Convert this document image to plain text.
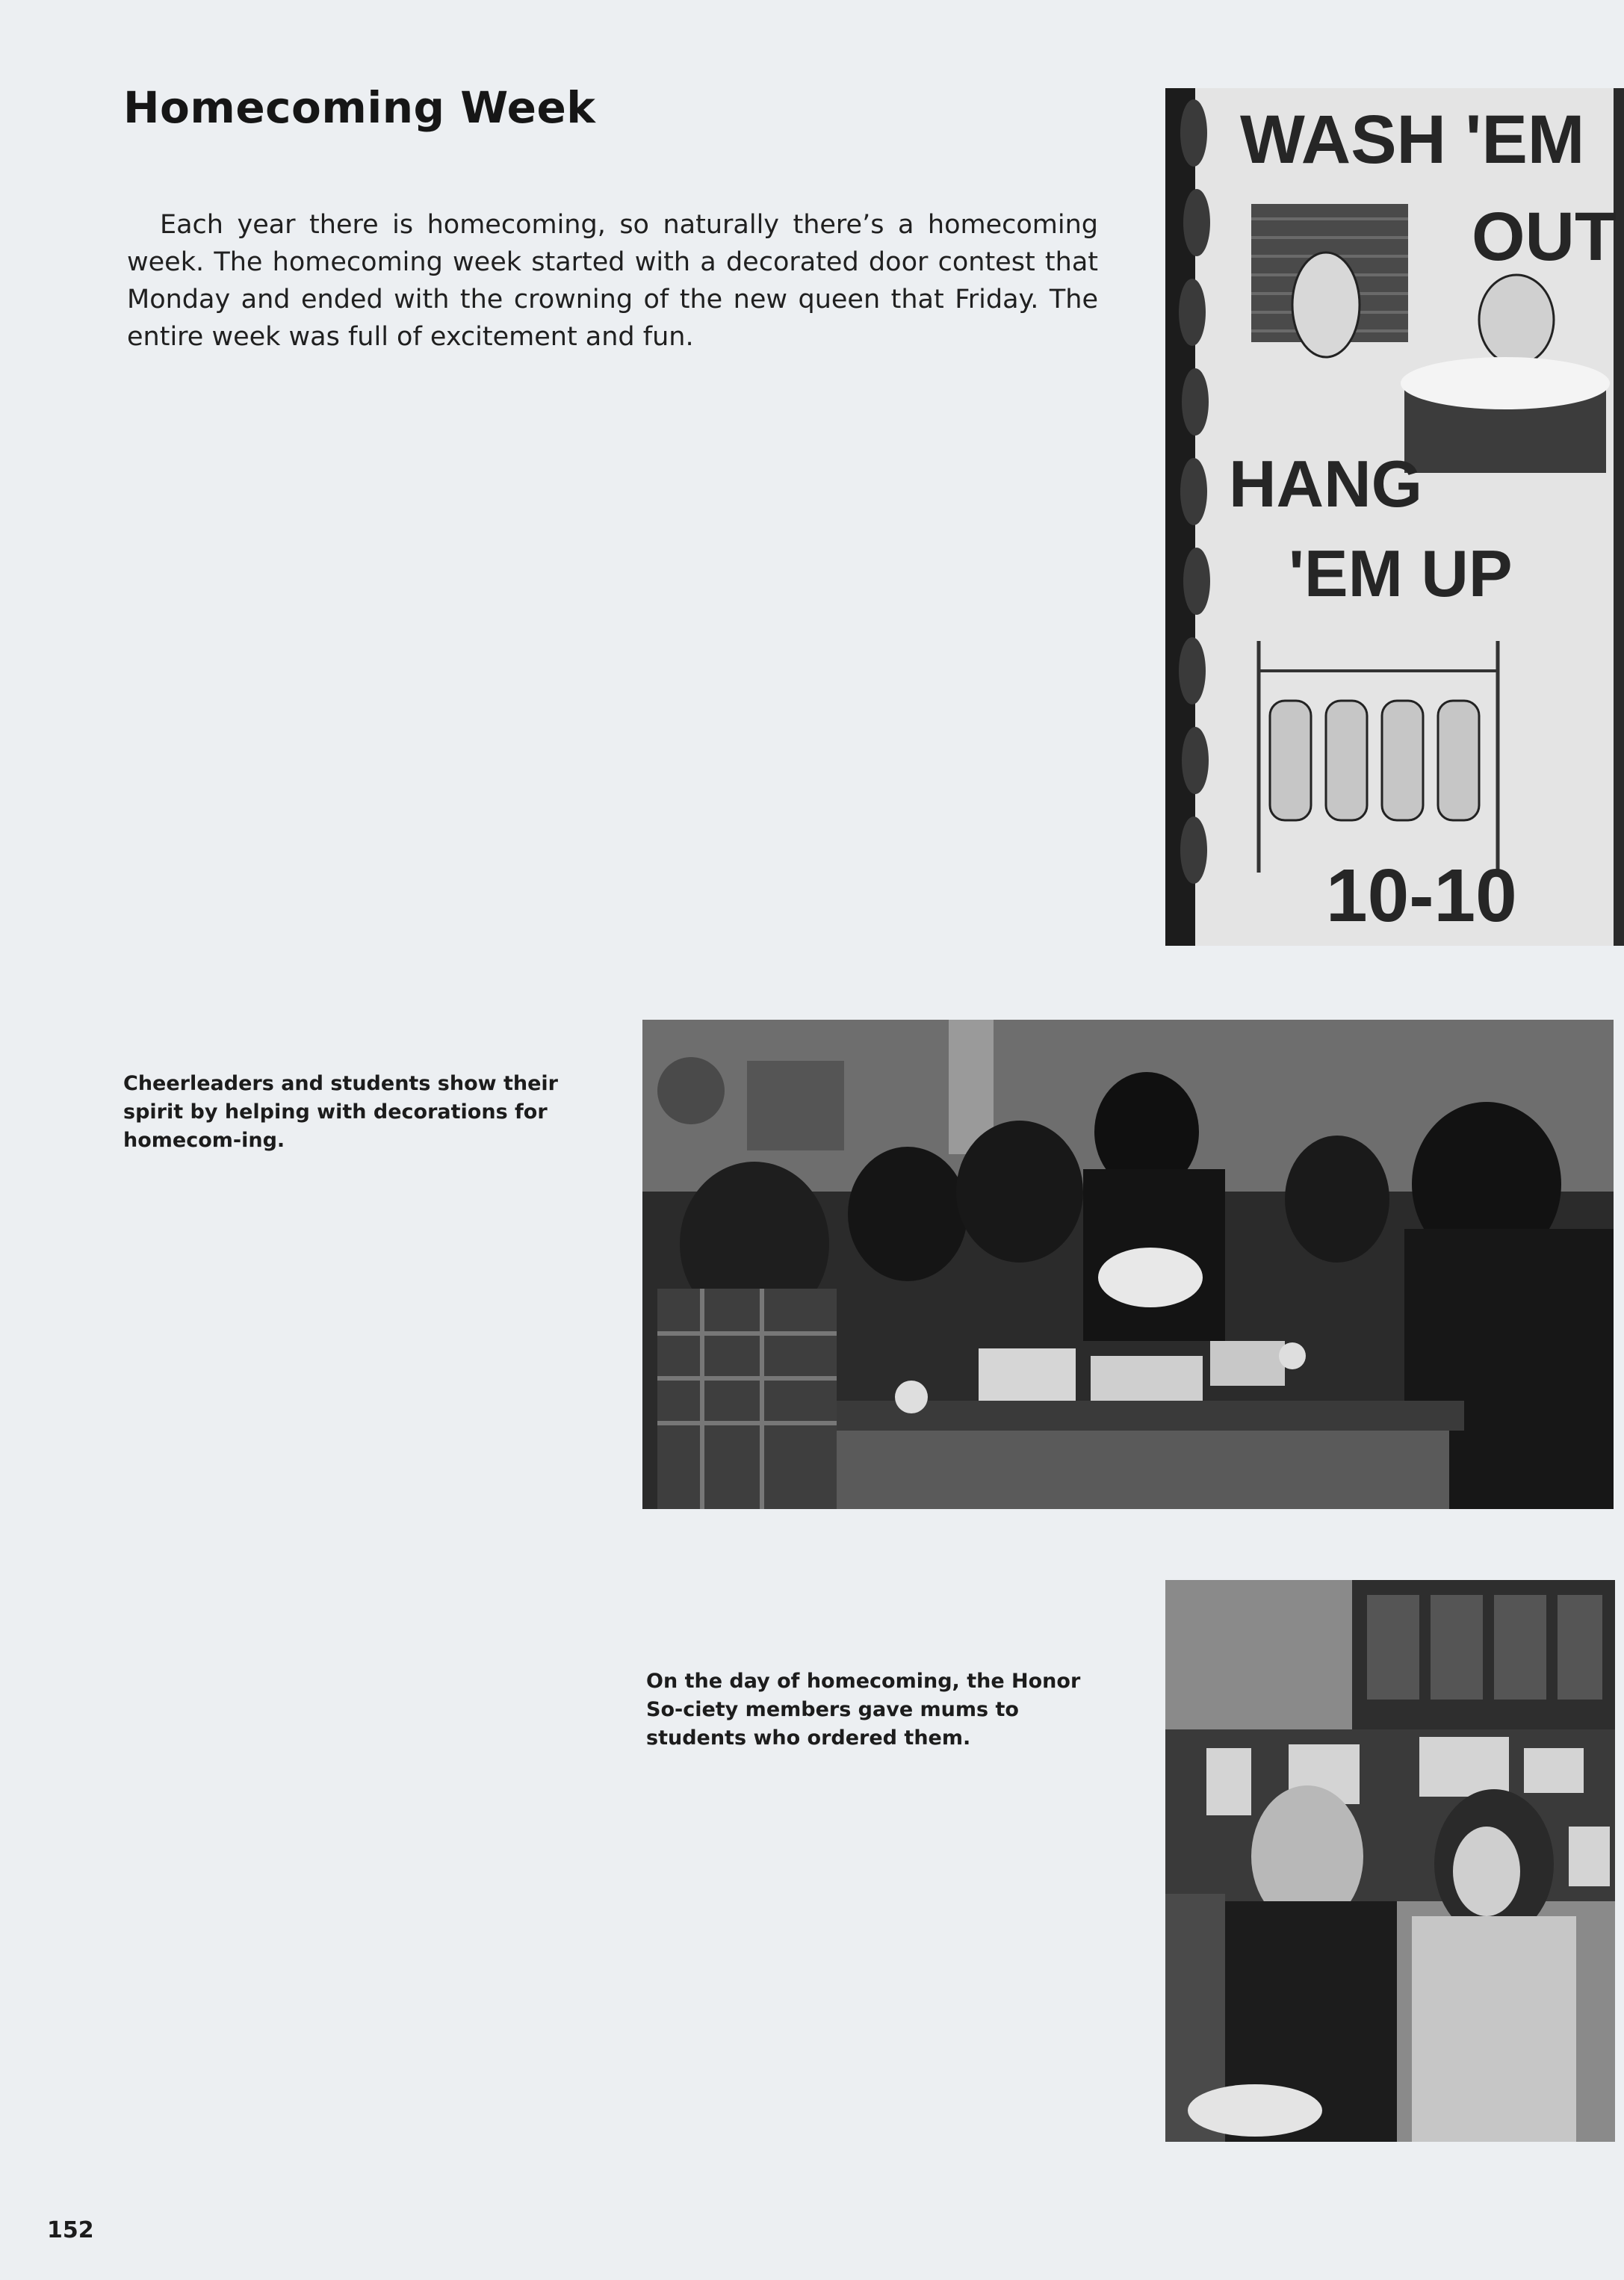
Homecoming Week

Each year there is homecoming, so naturally there’s a homecoming week. The homecoming week started with a decorated door contest that Monday and ended with the crowning of the new queen that Friday. The entire week was full of excitement and fun.

WASH 'EM
OUT
HANG
'EM UP
10-10
Cheerleaders and students show their spirit by helping with decorations for homecom-ing.
On the day of homecoming, the Honor So-ciety members gave mums to students who ordered them.
152
